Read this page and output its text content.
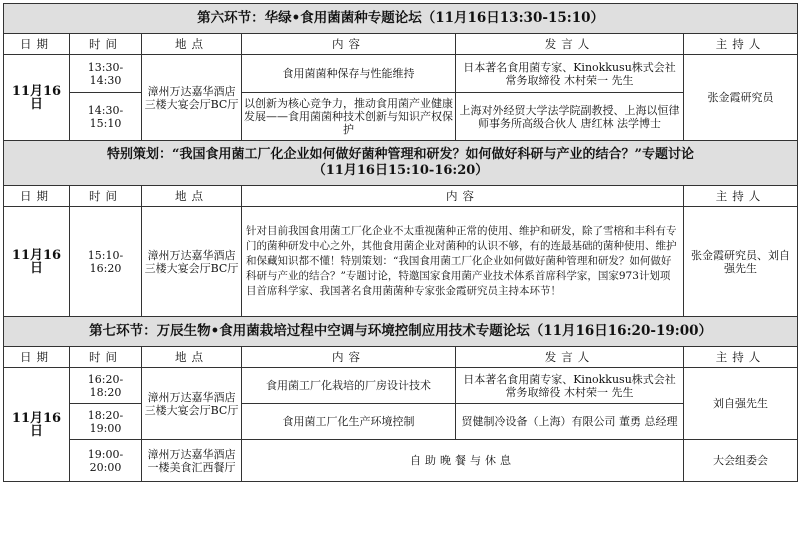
第六环节：华绿•食用菌菌种专题论坛（11月16日13:30-15:10）					
日期	时间	地点	内容	发言人	主持人
11月16日	13:30-14:30	漳州万达嘉华酒店三楼大宴会厅BC厅	食用菌菌种保存与性能维持	日本著名食用菌专家、Kinokkusu株式会社常务取缔役 木村荣一 先生	张金霞研究员
	14:30-15:10		以创新为核心竞争力，推动食用菌产业健康发展——食用菌菌种技术创新与知识产权保护	上海对外经贸大学法学院副教授、上海以恒律师事务所高级合伙人 唐红林 法学博士	

特别策划：“我国食用菌工厂化企业如何做好菌种管理和研发？如何做好科研与产业的结合？”专题讨论
（11月16日15:10-16:20）					

日期	时间	地点	内容		主持人
11月16日	15:10-16:20	漳州万达嘉华酒店三楼大宴会厅BC厅	针对目前我国食用菌工厂化企业不太重视菌种正常的使用、维护和研发，除了雪榕和丰科有专门的菌种研发中心之外，其他食用菌企业对菌种的认识不够，有的连最基础的菌种使用、维护和保藏知识都不懂！特别策划：“我国食用菌工厂化企业如何做好菌种管理和研发？如何做好科研与产业的结合？”专题讨论，特邀国家食用菌产业技术体系首席科学家，国家973计划项目首席科学家、我国著名食用菌菌种专家张金霞研究员主持本环节！		张金霞研究员、刘自强先生
第七环节：万辰生物•食用菌栽培过程中空调与环境控制应用技术专题论坛（11月16日16:20-19:00）					
日期	时间	地点	内容	发言人	主持人
11月16日	16:20-18:20	漳州万达嘉华酒店三楼大宴会厅BC厅	食用菌工厂化栽培的厂房设计技术	日本著名食用菌专家、Kinokkusu株式会社常务取缔役 木村荣一 先生	刘自强先生
	18:20-19:00		食用菌工厂化生产环境控制	贸健制冷设备（上海）有限公司 董勇 总经理	
	19:00-20:00	漳州万达嘉华酒店一楼美食汇西餐厅	自助晚餐与休息		大会组委会
